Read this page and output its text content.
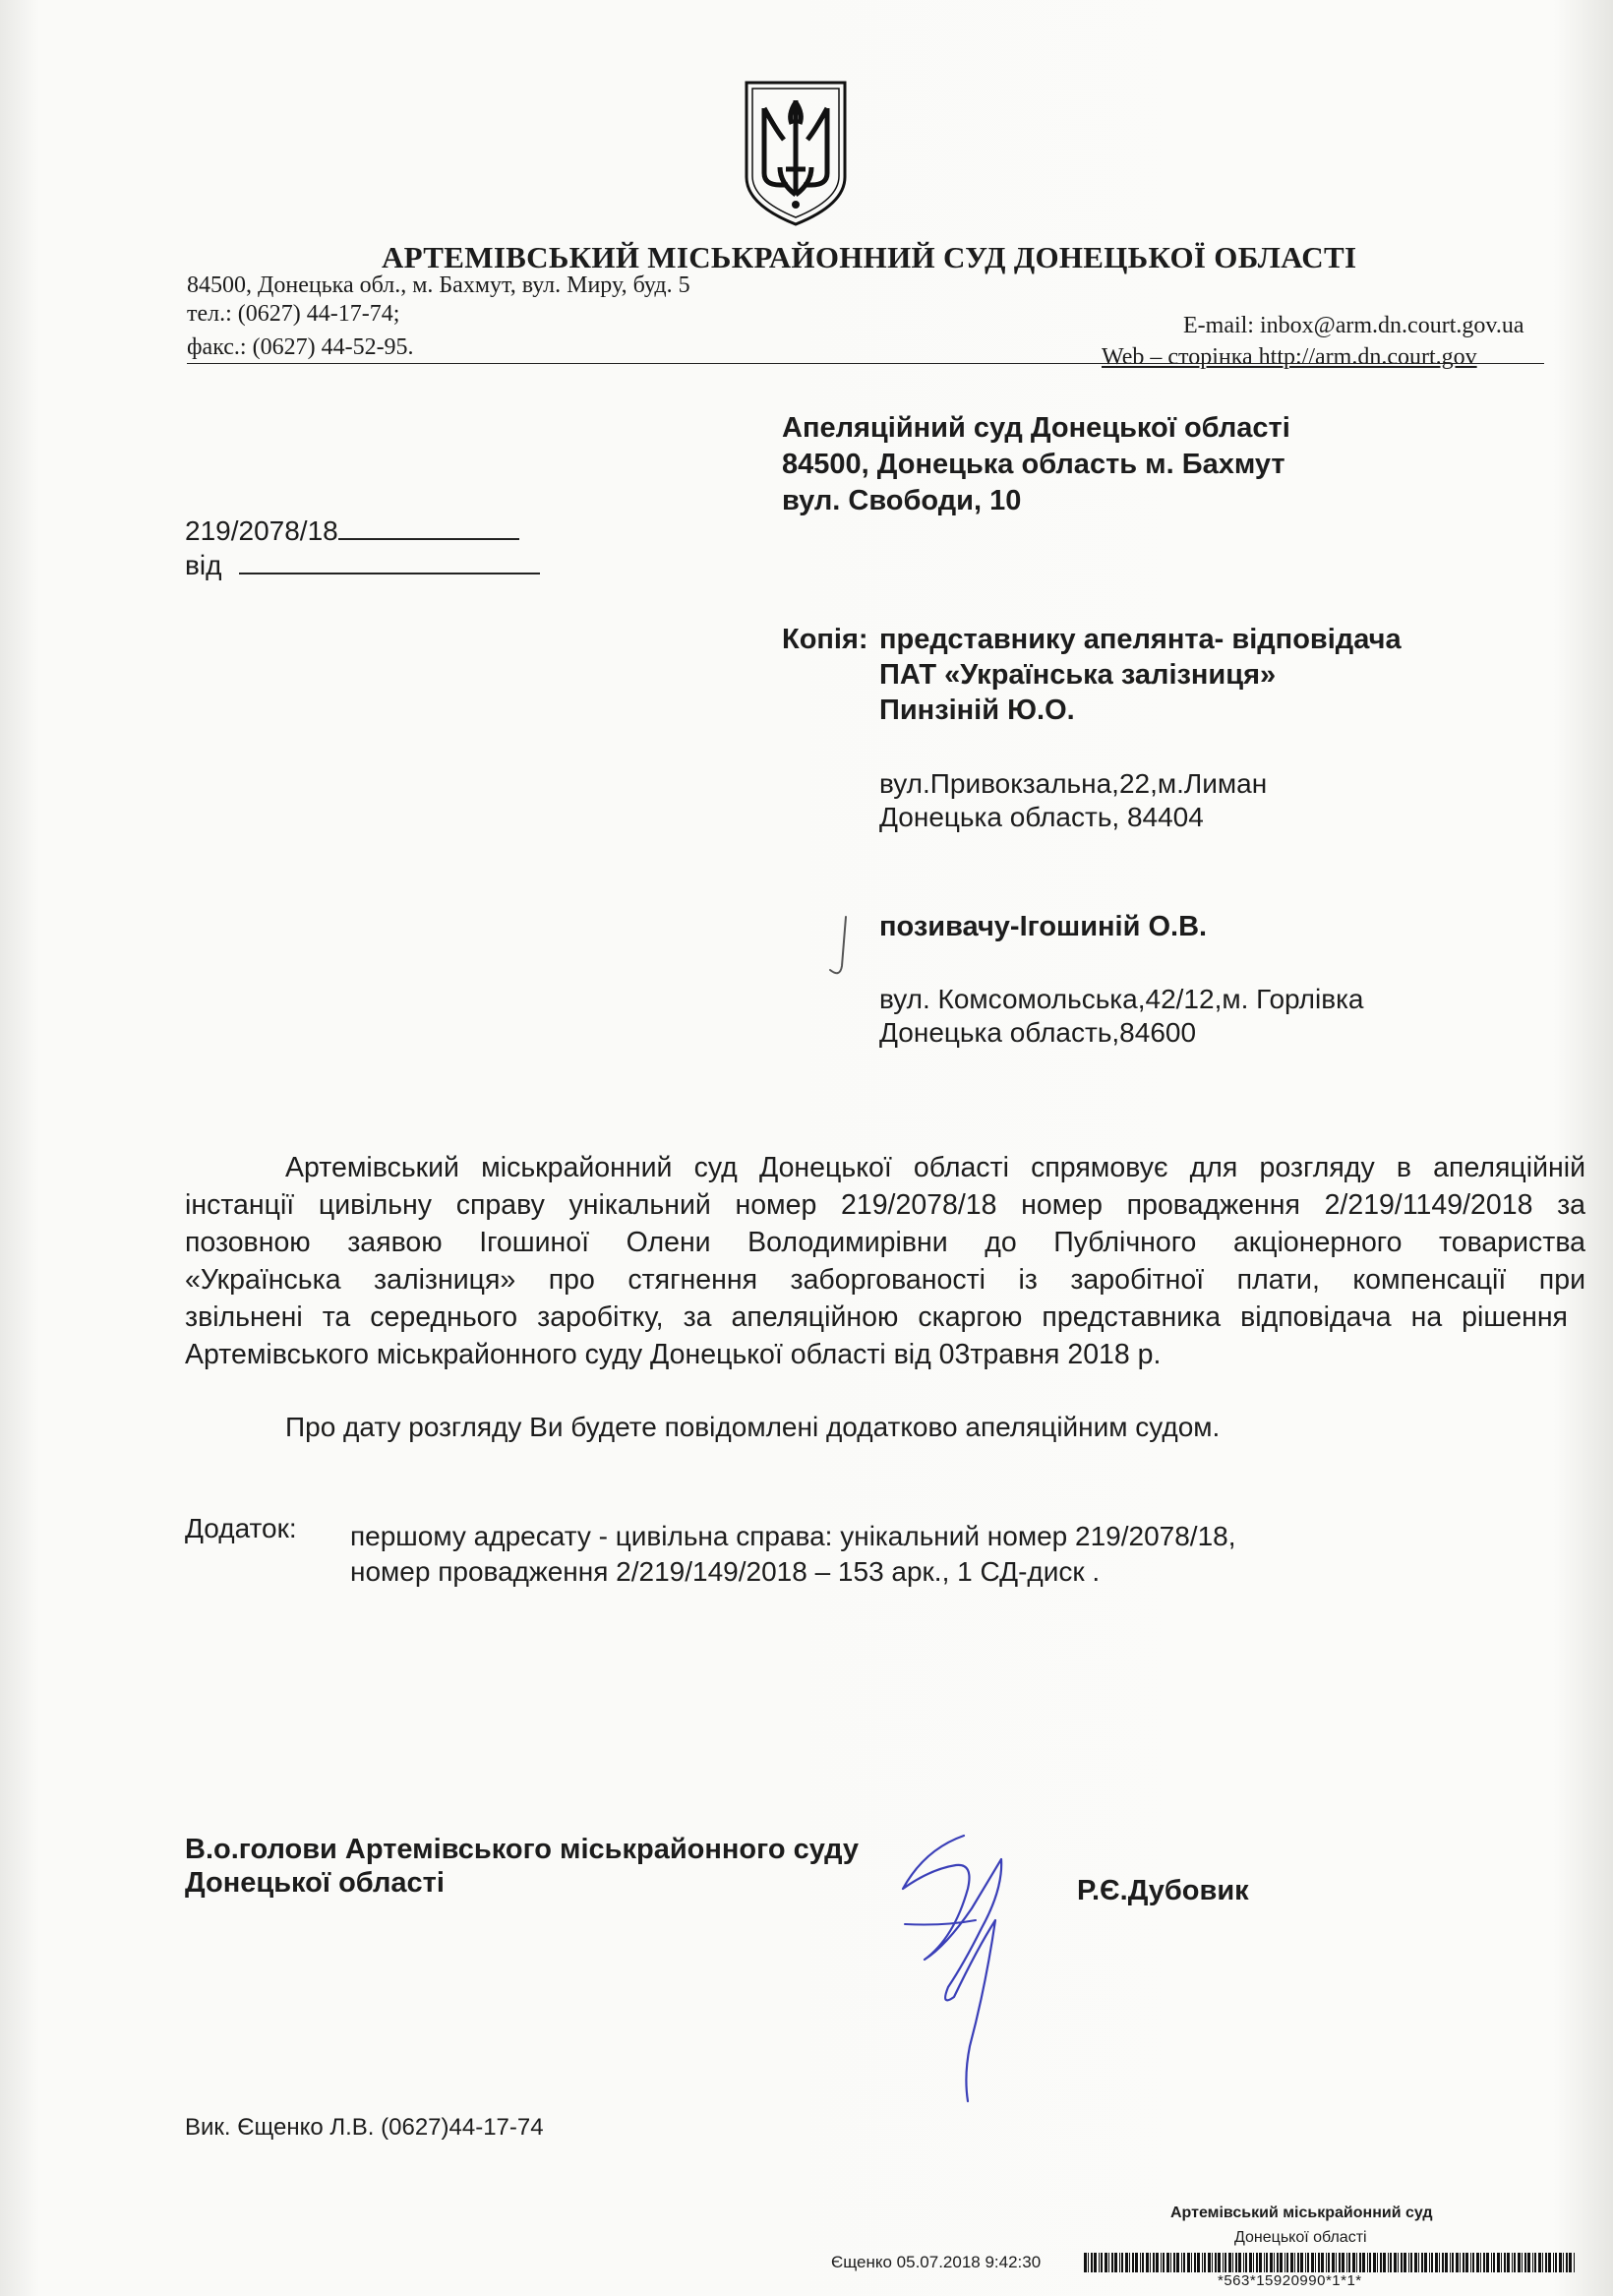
АРТЕМІВСЬКИЙ МІСЬКРАЙОННИЙ СУД ДОНЕЦЬКОЇ ОБЛАСТІ
84500, Донецька обл., м. Бахмут, вул. Миру, буд. 5
тел.: (0627) 44-17-74;
факс.: (0627) 44-52-95.
E-mail: inbox@arm.dn.court.gov.ua
Web – сторінка http://arm.dn.court.gov
Апеляційний суд Донецької області
84500, Донецька область м. Бахмут
вул. Свободи, 10
219/2078/18
від
Копія: представнику апелянта- відповідача
ПАТ «Українська залізниця»
Пинзіній Ю.О.
вул.Привокзальна,22,м.Лиман
Донецька область, 84404
позивачу-Ігошиній О.В.
вул. Комсомольська,42/12,м. Горлівка
Донецька область,84600
Артемівський міськрайонний суд Донецької області спрямовує для розгляду в апеляційній
інстанції цивільну справу унікальний номер 219/2078/18 номер провадження 2/219/1149/2018 за
позовною заявою Ігошиної Олени Володимирівни до Публічного акціонерного товариства
«Українська залізниця» про стягнення заборгованості із заробітної плати, компенсації при
звільнені та середнього заробітку, за апеляційною скаргою представника відповідача на рішення
Артемівського міськрайонного суду Донецької області від 03травня 2018 р.
Про дату розгляду Ви будете повідомлені додатково апеляційним судом.
Додаток: першому адресату - цивільна справа: унікальний номер 219/2078/18,
номер провадження 2/219/149/2018 – 153 арк., 1 СД-диск .
В.о.голови Артемівського міськрайонного суду
Донецької області	Р.Є.Дубовик
Вик. Єщенко Л.В. (0627)44-17-74
Артемівський міськрайонний суд
Донецької області
Єщенко 05.07.2018 9:42:30
*563*15920990*1*1*
